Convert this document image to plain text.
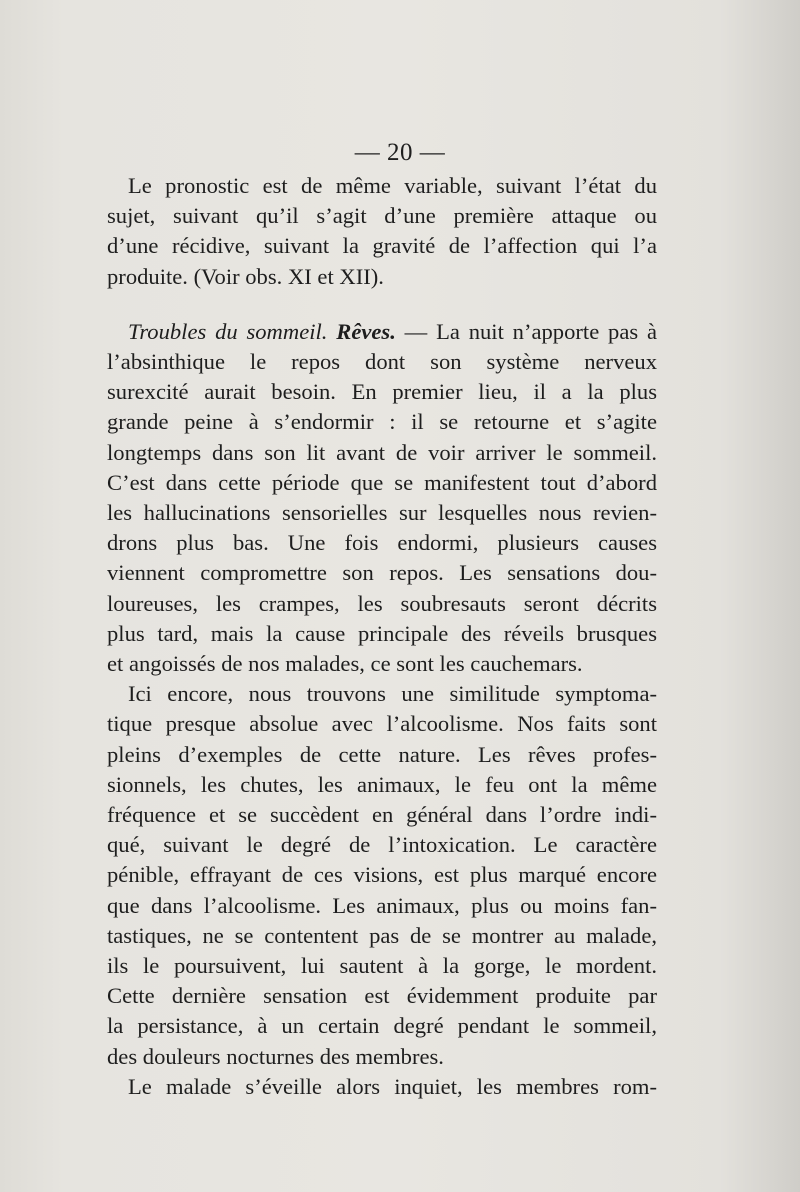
— 20 —

Le pronostic est de même variable, suivant l’état du
sujet, suivant qu’il s’agit d’une première attaque ou
d’une récidive, suivant la gravité de l’affection qui l’a
produite. (Voir obs. XI et XII).

Troubles du sommeil. Rêves. — La nuit n’apporte pas à
l’absinthique le repos dont son système nerveux
surexcité aurait besoin. En premier lieu, il a la plus
grande peine à s’endormir : il se retourne et s’agite
longtemps dans son lit avant de voir arriver le sommeil.
C’est dans cette période que se manifestent tout d’abord
les hallucinations sensorielles sur lesquelles nous revien-
drons plus bas. Une fois endormi, plusieurs causes
viennent compromettre son repos. Les sensations dou-
loureuses, les crampes, les soubresauts seront décrits
plus tard, mais la cause principale des réveils brusques
et angoissés de nos malades, ce sont les cauchemars.

Ici encore, nous trouvons une similitude symptoma-
tique presque absolue avec l’alcoolisme. Nos faits sont
pleins d’exemples de cette nature. Les rêves profes-
sionnels, les chutes, les animaux, le feu ont la même
fréquence et se succèdent en général dans l’ordre indi-
qué, suivant le degré de l’intoxication. Le caractère
pénible, effrayant de ces visions, est plus marqué encore
que dans l’alcoolisme. Les animaux, plus ou moins fan-
tastiques, ne se contentent pas de se montrer au malade,
ils le poursuivent, lui sautent à la gorge, le mordent.
Cette dernière sensation est évidemment produite par
la persistance, à un certain degré pendant le sommeil,
des douleurs nocturnes des membres.

Le malade s’éveille alors inquiet, les membres rom-
